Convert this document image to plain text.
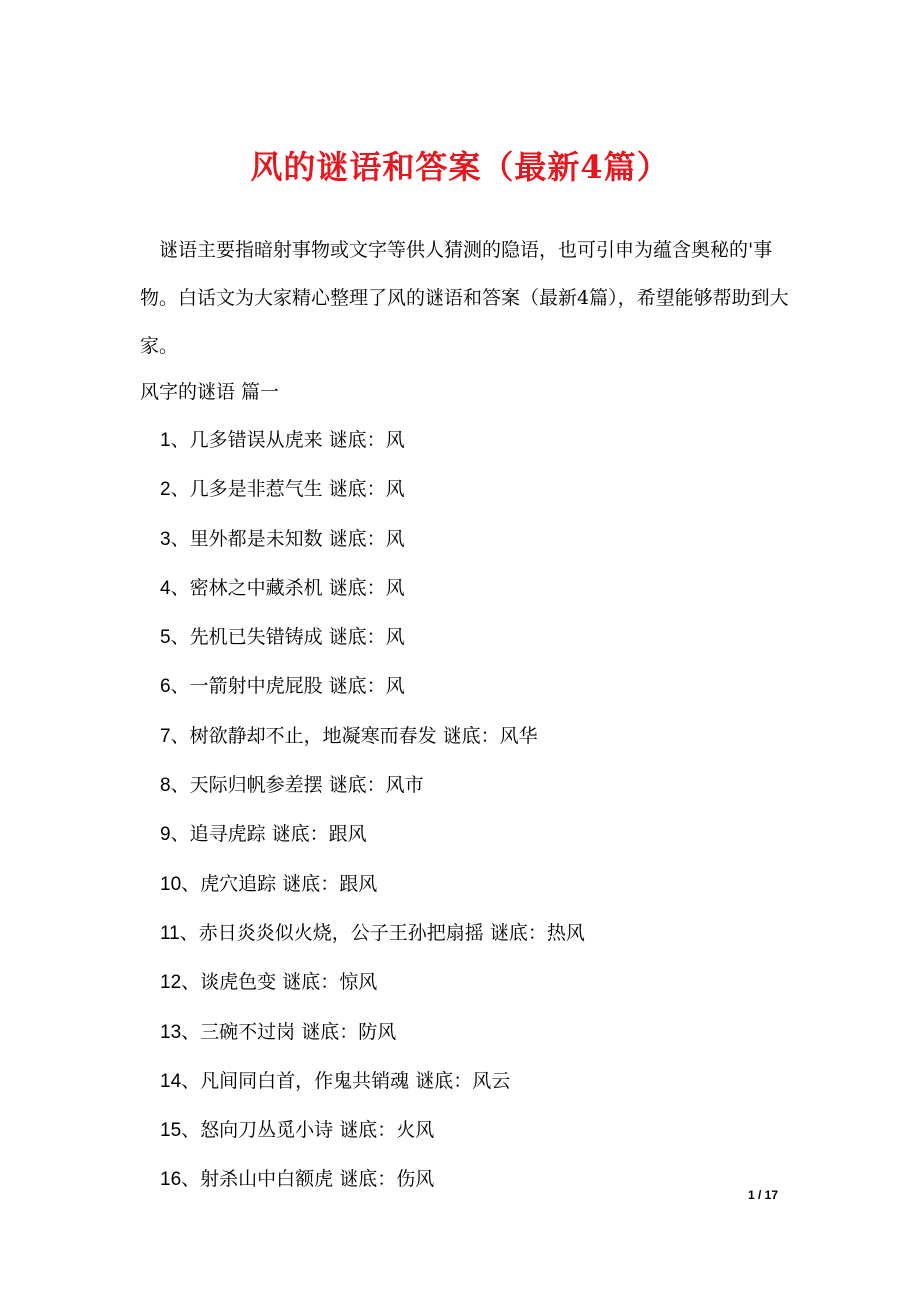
风的谜语和答案（最新4篇）

谜语主要指暗射事物或文字等供人猜测的隐语，也可引申为蕴含奥秘的'事物。白话文为大家精心整理了风的谜语和答案（最新4篇），希望能够帮助到大家。

风字的谜语 篇一
1、几多错误从虎来 谜底：风
2、几多是非惹气生 谜底：风
3、里外都是未知数 谜底：风
4、密林之中藏杀机 谜底：风
5、先机已失错铸成 谜底：风
6、一箭射中虎屁股 谜底：风
7、树欲静却不止，地凝寒而春发 谜底：风华
8、天际归帆参差摆 谜底：风市
9、追寻虎踪 谜底：跟风
10、虎穴追踪 谜底：跟风
11、赤日炎炎似火烧，公子王孙把扇摇 谜底：热风
12、谈虎色变 谜底：惊风
13、三碗不过岗 谜底：防风
14、凡间同白首，作鬼共销魂 谜底：风云
15、怒向刀丛觅小诗 谜底：火风
16、射杀山中白额虎 谜底：伤风
1 / 17
